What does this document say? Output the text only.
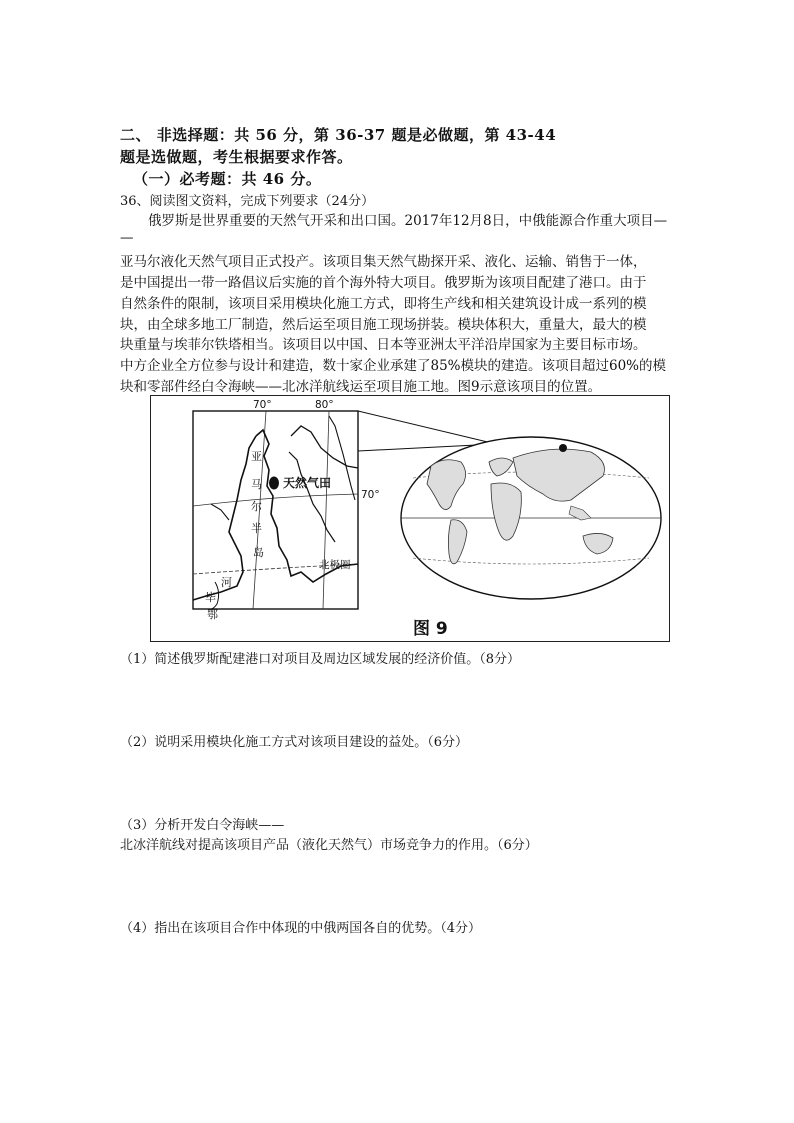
二、 非选择题：共 56 分，第 36-37 题是必做题，第 43-44
题是选做题，考生根据要求作答。
（一）必考题：共 46 分。
36、阅读图文资料，完成下列要求（24分）
俄罗斯是世界重要的天然气开采和出口国。2017年12月8日，中俄能源合作重大项目—
—
亚马尔液化天然气项目正式投产。该项目集天然气勘探开采、液化、运输、销售于一体，
是中国提出一带一路倡议后实施的首个海外特大项目。俄罗斯为该项目配建了港口。由于
自然条件的限制，该项目采用模块化施工方式，即将生产线和相关建筑设计成一系列的模
块，由全球多地工厂制造，然后运至项目施工现场拼装。模块体积大，重量大，最大的模
块重量与埃菲尔铁塔相当。该项目以中国、日本等亚洲太平洋沿岸国家为主要目标市场。
中方企业全方位参与设计和建造，数十家企业承建了85%模块的建造。该项目超过60%的模
块和零部件经白令海峡——北冰洋航线运至项目施工地。图9示意该项目的位置。
70°	80°
70°
天然气田
亚
马
尔
半
岛
北极圈
毕
河
鄂
图 9
（1）简述俄罗斯配建港口对项目及周边区域发展的经济价值。（8分）
（2）说明采用模块化施工方式对该项目建设的益处。（6分）
（3）分析开发白令海峡——
北冰洋航线对提高该项目产品（液化天然气）市场竞争力的作用。（6分）
（4）指出在该项目合作中体现的中俄两国各自的优势。（4分）
